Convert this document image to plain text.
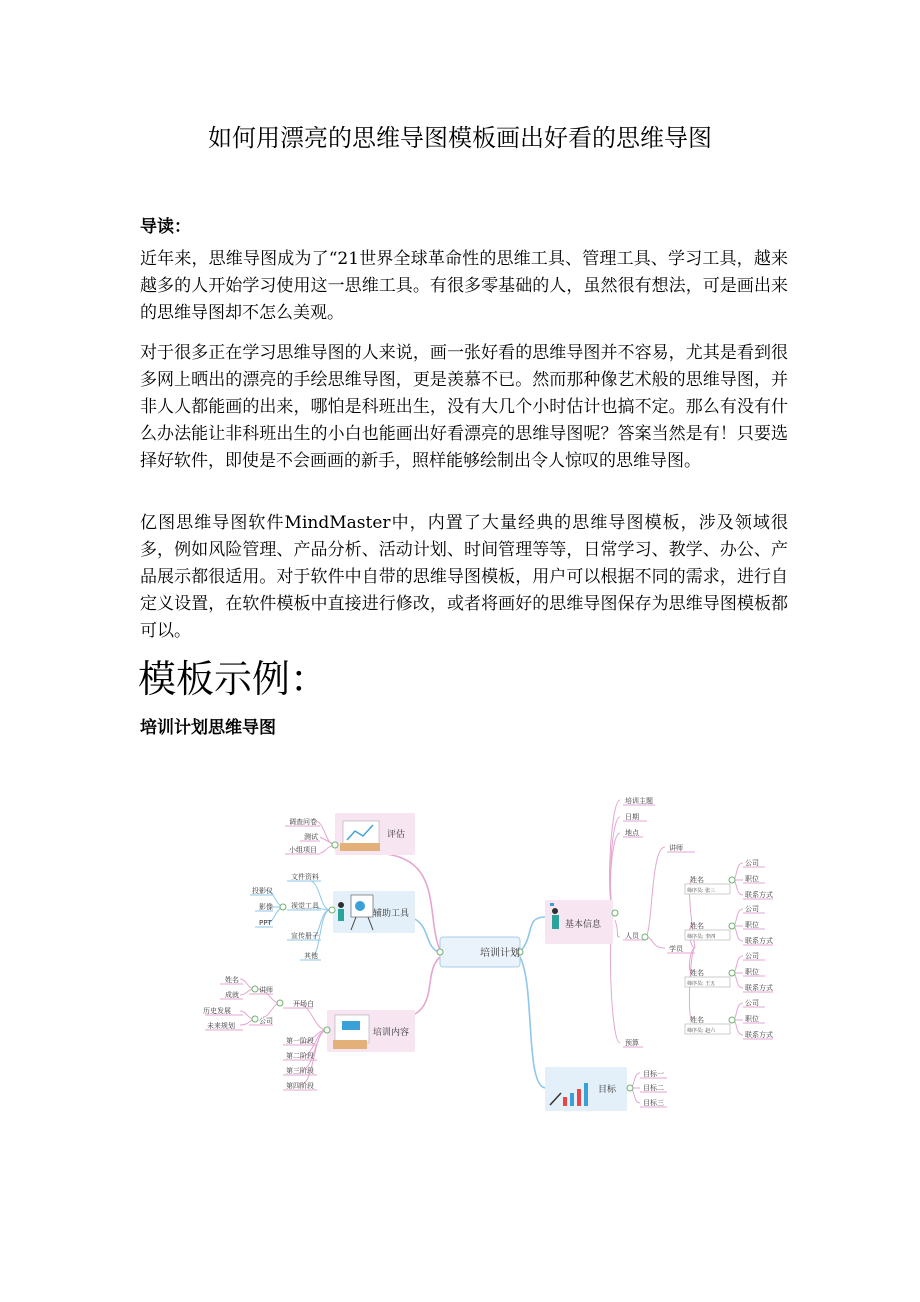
如何用漂亮的思维导图模板画出好看的思维导图
导读：
近年来，思维导图成为了“21世界全球革命性的思维工具、管理工具、学习工具，越来越多的人开始学习使用这一思维工具。有很多零基础的人，虽然很有想法，可是画出来的思维导图却不怎么美观。
对于很多正在学习思维导图的人来说，画一张好看的思维导图并不容易，尤其是看到很多网上晒出的漂亮的手绘思维导图，更是羡慕不已。然而那种像艺术般的思维导图，并非人人都能画的出来，哪怕是科班出生，没有大几个小时估计也搞不定。那么有没有什么办法能让非科班出生的小白也能画出好看漂亮的思维导图呢？答案当然是有！只要选择好软件，即使是不会画画的新手，照样能够绘制出令人惊叹的思维导图。
亿图思维导图软件MindMaster中，内置了大量经典的思维导图模板，涉及领域很多，例如风险管理、产品分析、活动计划、时间管理等等，日常学习、教学、办公、产品展示都很适用。对于软件中自带的思维导图模板，用户可以根据不同的需求，进行自定义设置，在软件模板中直接进行修改，或者将画好的思维导图保存为思维导图模板都可以。
模板示例：
培训计划思维导图
培训计划
评估
辅助工具
培训内容
基本信息
目标
调查问卷
测试
小组项目
文件资料
视觉工具
宣传册子
其他
投影仪
影像
PPT
开场白
讲师
公司
姓名
成就
历史发展
未来规划
第一阶段
第二阶段
第三阶段
第四阶段
培训主题
日期
地点
人员
讲师
学员
预算
姓名
姓名
姓名
姓名
筛序员: 张三
筛序员: 李四
筛序员: 王五
筛序员: 赵六
公司
职位
联系方式
公司
职位
联系方式
公司
职位
联系方式
公司
职位
联系方式
目标一
目标二
目标三
